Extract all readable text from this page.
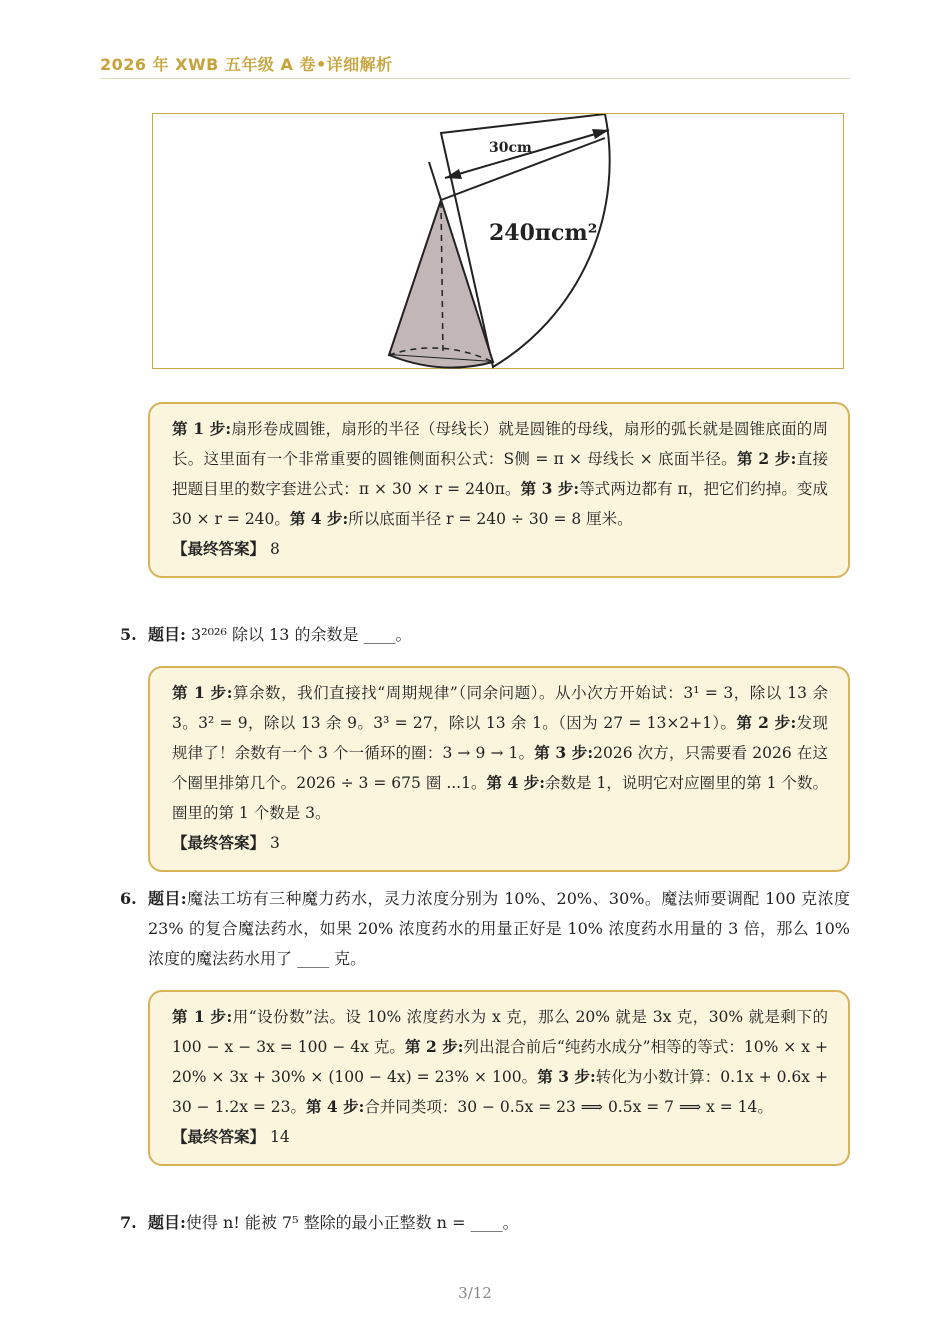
2026 年 XWB 五年级 A 卷•详细解析
30cm
240πcm²
第 1 步:扇形卷成圆锥，扇形的半径（母线长）就是圆锥的母线，扇形的弧长就是圆锥底面的周长。这里面有一个非常重要的圆锥侧面积公式：S侧 = π × 母线长 × 底面半径。第 2 步:直接把题目里的数字套进公式：π × 30 × r = 240π。第 3 步:等式两边都有 π，把它们约掉。变成 30 × r = 240。第 4 步:所以底面半径 r = 240 ÷ 30 = 8 厘米。
【最终答案】 8
5. 题目: 3²⁰²⁶ 除以 13 的余数是 ____。
第 1 步:算余数，我们直接找“周期规律”（同余问题）。从小次方开始试：3¹ = 3，除以 13 余 3。3² = 9，除以 13 余 9。3³ = 27，除以 13 余 1。（因为 27 = 13×2+1）。第 2 步:发现规律了！余数有一个 3 个一循环的圈：3 → 9 → 1。第 3 步:2026 次方，只需要看 2026 在这个圈里排第几个。2026 ÷ 3 = 675 圈 ...1。第 4 步:余数是 1，说明它对应圈里的第 1 个数。圈里的第 1 个数是 3。
【最终答案】 3
6. 题目:魔法工坊有三种魔力药水，灵力浓度分别为 10%、20%、30%。魔法师要调配 100 克浓度 23% 的复合魔法药水，如果 20% 浓度药水的用量正好是 10% 浓度药水用量的 3 倍，那么 10% 浓度的魔法药水用了 ____ 克。
第 1 步:用“设份数”法。设 10% 浓度药水为 x 克，那么 20% 就是 3x 克，30% 就是剩下的 100 − x − 3x = 100 − 4x 克。第 2 步:列出混合前后“纯药水成分”相等的等式：10% × x + 20% × 3x + 30% × (100 − 4x) = 23% × 100。第 3 步:转化为小数计算：0.1x + 0.6x + 30 − 1.2x = 23。第 4 步:合并同类项：30 − 0.5x = 23 ⟹ 0.5x = 7 ⟹ x = 14。
【最终答案】 14
7. 题目:使得 n! 能被 7⁵ 整除的最小正整数 n = ____。
3/12
